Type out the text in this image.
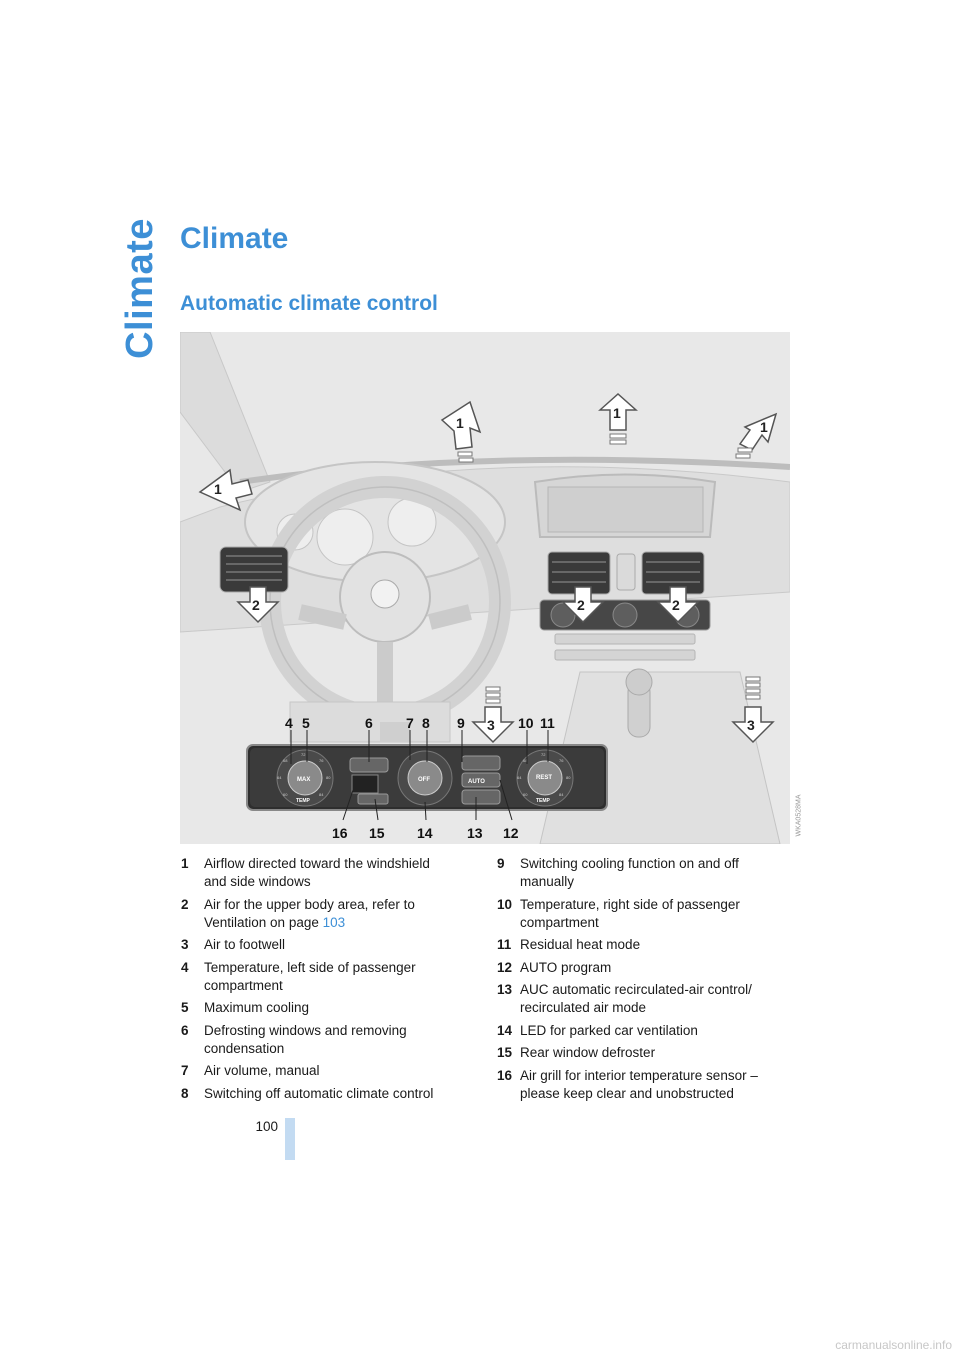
Climate Climate
Automatic climate control
1
1
1
1
2	2	2
3	3
MAX
TEMP
OFF	AUTO
REST
TEMP
68
72
76
80
84
64
60
68
72
76
80
84
64
60
4 5	6 7 8 9	10 11
16 15 14 13 12	WKA0528MA
1	Airflow directed toward the windshield and side windows
2	Air for the upper body area, refer to Ventilation on page 103
3	Air to footwell
4	Temperature, left side of passenger compartment
5	Maximum cooling
6	Defrosting windows and removing condensation
7	Air volume, manual
8	Switching off automatic climate control
9	Switching cooling function on and off manually
10 Temperature, right side of passenger compartment
11 Residual heat mode
12 AUTO program
13 AUC automatic recirculated-air control/ recirculated air mode
14 LED for parked car ventilation
15 Rear window defroster
16 Air grill for interior temperature sensor – please keep clear and unobstructed
100
carmanualsonline.info
